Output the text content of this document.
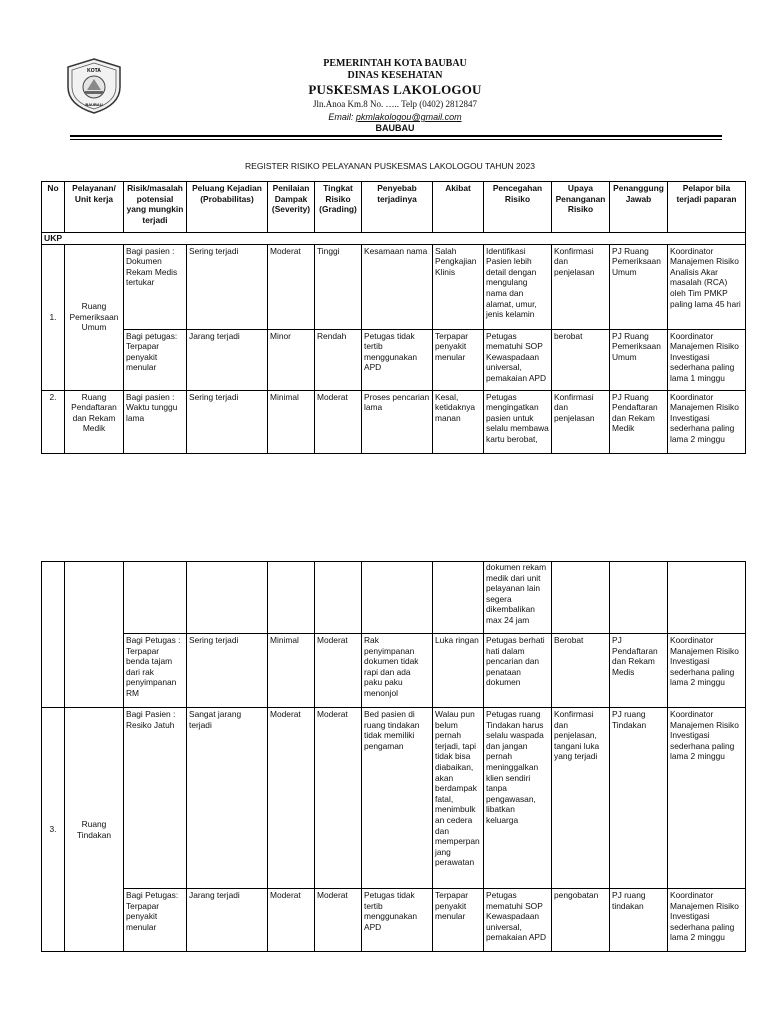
KOTA
BAUBAU
PEMERINTAH KOTA BAUBAU
DINAS KESEHATAN
PUSKESMAS LAKOLOGOU
Jln.Anoa Km.8 No. ….. Telp (0402) 2812847
Email: pkmlakologou@gmail.com
BAUBAU
REGISTER RISIKO PELAYANAN PUSKESMAS LAKOLOGOU TAHUN 2023
No	Pelayanan/ Unit kerja	Risik/masalah potensial yang mungkin terjadi	Peluang Kejadian (Probabilitas)	Penilaian Dampak (Severity)	Tingkat Risiko (Grading)	Penyebab terjadinya	Akibat	Pencegahan Risiko	Upaya Penanganan Risiko	Penanggung Jawab	Pelapor bila terjadi paparan
UKP											
1.	Ruang Pemeriksaan Umum	Bagi pasien : Dokumen Rekam Medis tertukar	Sering terjadi	Moderat	Tinggi	Kesamaan nama	Salah Pengkajian Klinis	Identifikasi Pasien lebih detail dengan mengulang nama dan alamat, umur, jenis kelamin	Konfirmasi dan penjelasan	PJ Ruang Pemeriksaan Umum	Koordinator Manajemen Risiko Analisis Akar masalah (RCA) oleh Tim PMKP paling lama 45 hari
		Bagi petugas: Terpapar penyakit menular	Jarang terjadi	Minor	Rendah	Petugas tidak tertib menggunakan APD	Terpapar penyakit menular	Petugas mematuhi SOP Kewaspadaan universal, pemakaian APD	berobat	PJ Ruang Pemeriksaan Umum	Koordinator Manajemen Risiko Investigasi sederhana paling lama 1 minggu
2.	Ruang Pendaftaran dan Rekam Medik	Bagi pasien : Waktu tunggu lama	Sering terjadi	Minimal	Moderat	Proses pencarian lama	Kesal, ketidaknya manan	Petugas mengingatkan pasien untuk selalu membawa kartu berobat,	Konfirmasi dan penjelasan	PJ Ruang Pendaftaran dan Rekam Medik	Koordinator Manajemen Risiko Investigasi sederhana paling lama 2 minggu
								dokumen rekam medik dari unit pelayanan lain segera dikembalikan max 24 jam			
		Bagi Petugas : Terpapar benda tajam dari rak penyimpanan RM	Sering terjadi	Minimal	Moderat	Rak penyimpanan dokumen tidak rapi dan ada paku paku menonjol	Luka ringan	Petugas berhati hati dalam pencarian dan penataan dokumen	Berobat	PJ Pendaftaran dan Rekam Medis	Koordinator Manajemen Risiko Investigasi sederhana paling lama 2 minggu
3.	Ruang Tindakan	Bagi Pasien : Resiko Jatuh	Sangat jarang terjadi	Moderat	Moderat	Bed pasien di ruang tindakan tidak memiliki pengaman	Walau pun belum pernah terjadi, tapi tidak bisa diabaikan, akan berdampak fatal, menimbulk an cedera dan memperpan jang perawatan	Petugas ruang Tindakan harus selalu waspada dan jangan pernah meninggalkan klien sendiri tanpa pengawasan, libatkan keluarga	Konfirmasi dan penjelasan, tangani luka yang terjadi	PJ ruang Tindakan	Koordinator Manajemen Risiko Investigasi sederhana paling lama 2 minggu
		Bagi Petugas: Terpapar penyakit menular	Jarang terjadi	Moderat	Moderat	Petugas tidak tertib menggunakan APD	Terpapar penyakit menular	Petugas mematuhi SOP Kewaspadaan universal, pemakaian APD	pengobatan	PJ ruang tindakan	Koordinator Manajemen Risiko Investigasi sederhana paling lama 2 minggu
